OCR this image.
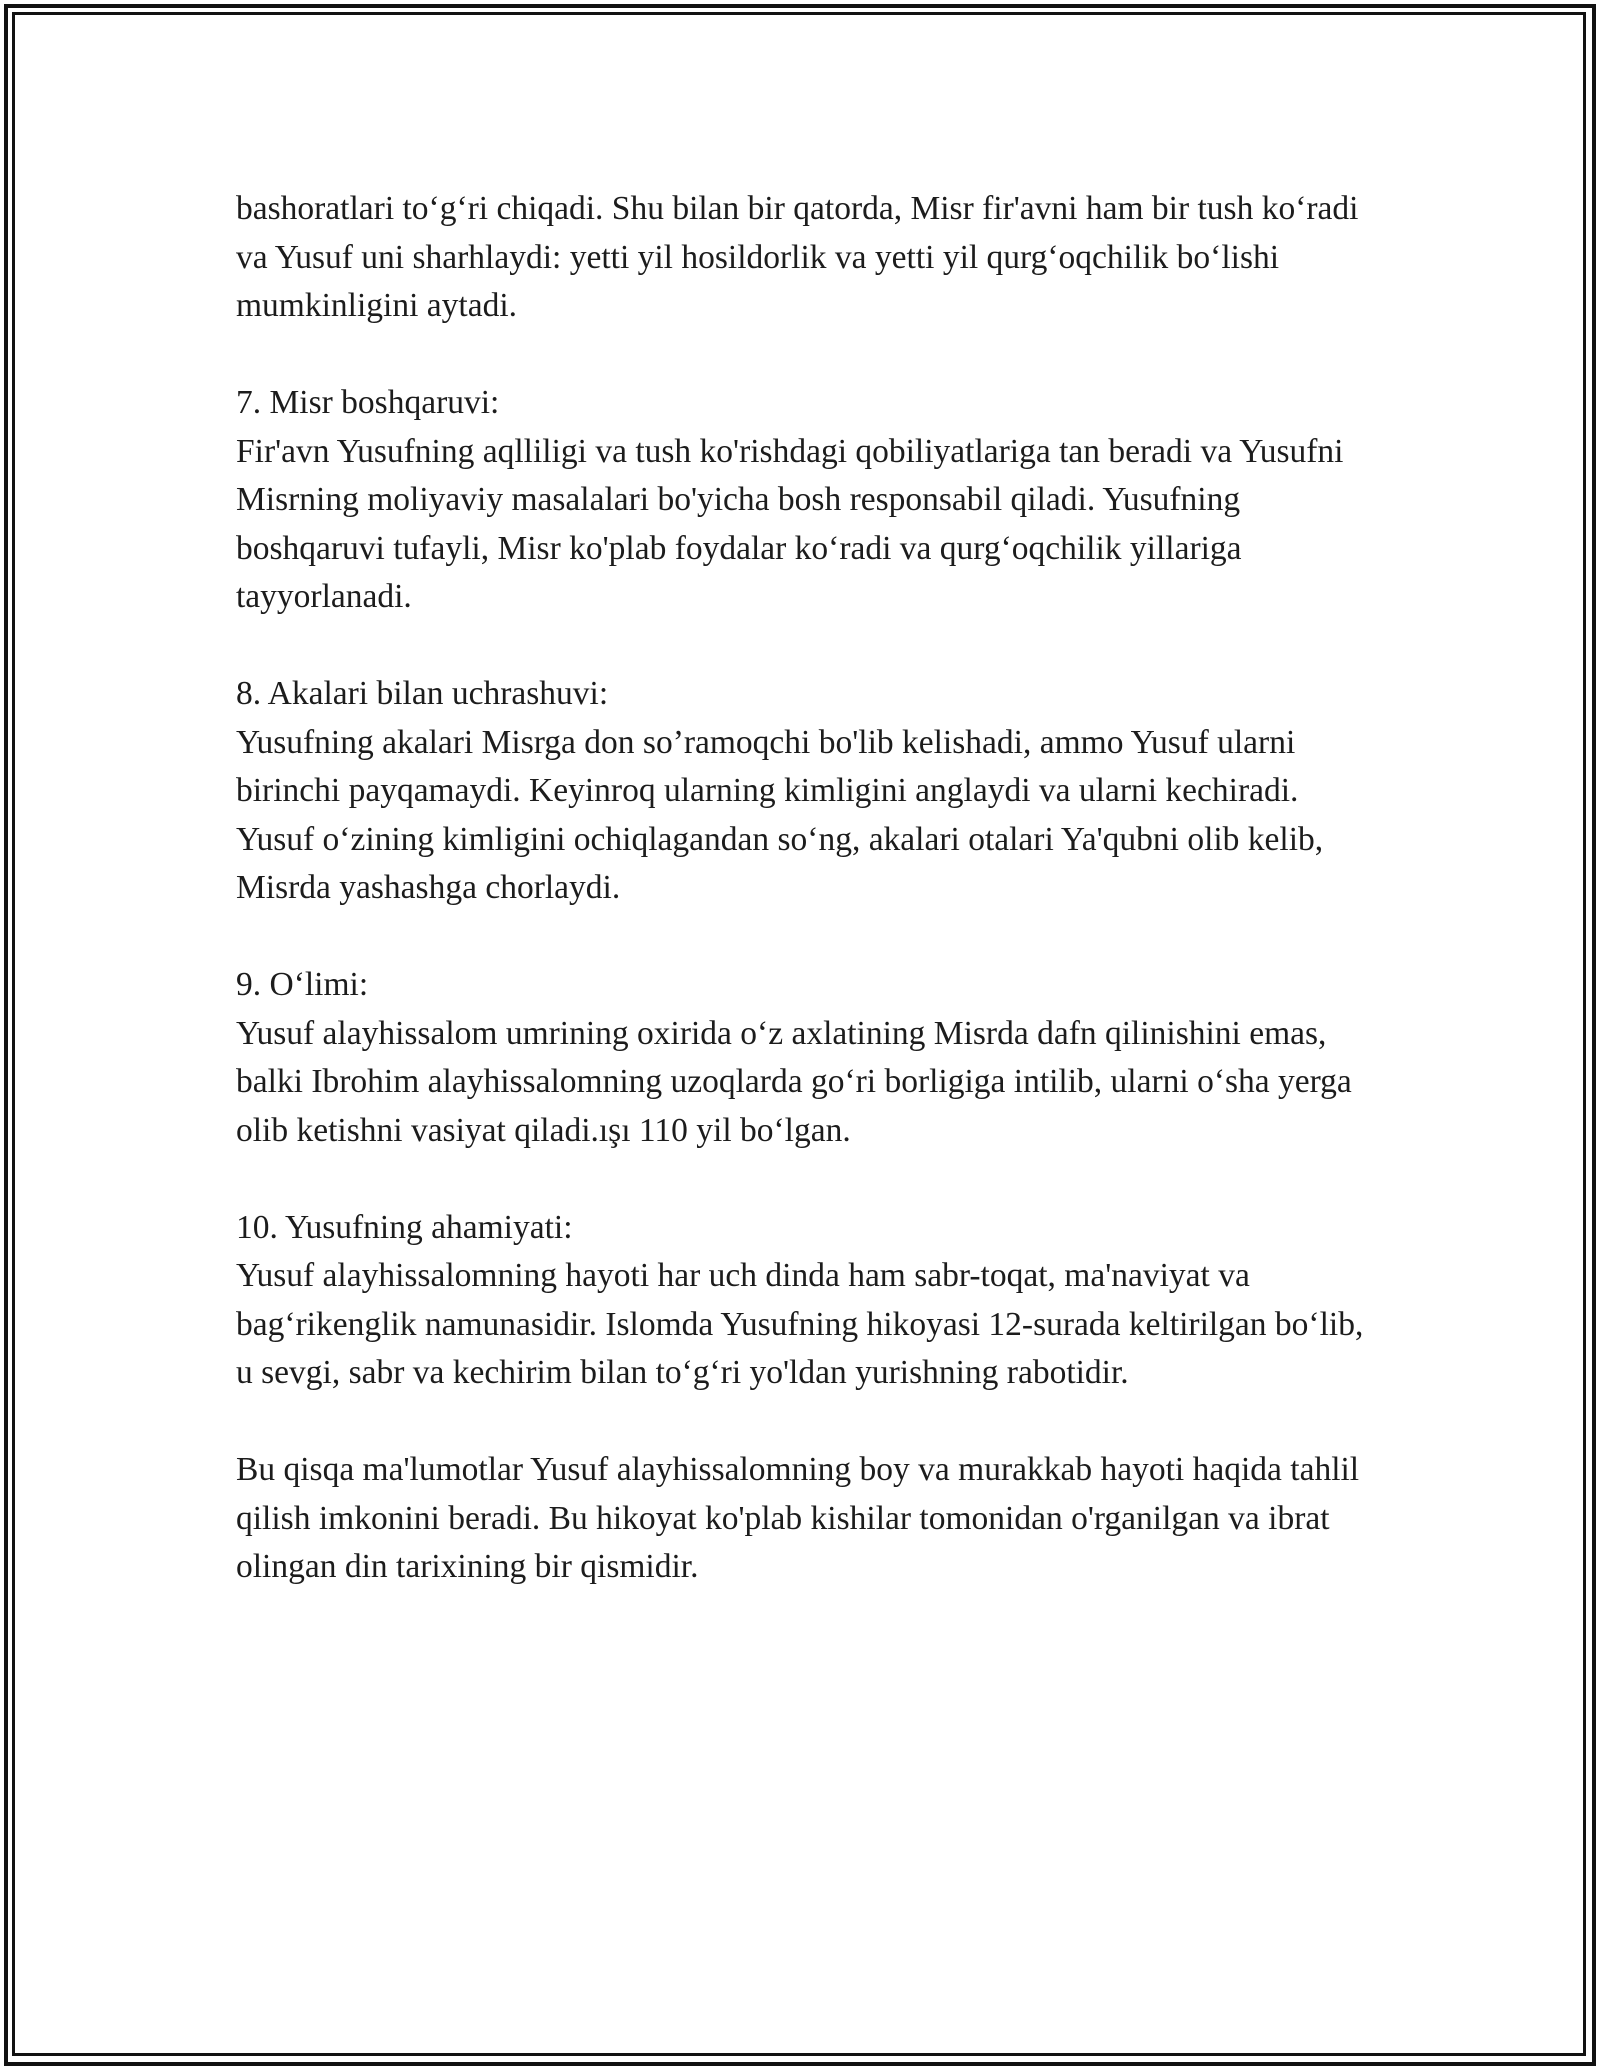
bashoratlari to‘g‘ri chiqadi. Shu bilan bir qatorda, Misr fir'avni ham bir tush ko‘radi va Yusuf uni sharhlaydi: yetti yil hosildorlik va yetti yil qurg‘oqchilik bo‘lishi mumkinligini aytadi.

7. Misr boshqaruvi:

Fir'avn Yusufning aqlliligi va tush ko'rishdagi qobiliyatlariga tan beradi va Yusufni Misrning moliyaviy masalalari bo'yicha bosh responsabil qiladi. Yusufning boshqaruvi tufayli, Misr ko'plab foydalar ko‘radi va qurg‘oqchilik yillariga tayyorlanadi.

8. Akalari bilan uchrashuvi:

Yusufning akalari Misrga don so’ramoqchi bo'lib kelishadi, ammo Yusuf ularni birinchi payqamaydi. Keyinroq ularning kimligini anglaydi va ularni kechiradi. Yusuf o‘zining kimligini ochiqlagandan so‘ng, akalari otalari Ya'qubni olib kelib, Misrda yashashga chorlaydi.

9. O‘limi:

Yusuf alayhissalom umrining oxirida o‘z axlatining Misrda dafn qilinishini emas, balki Ibrohim alayhissalomning uzoqlarda go‘ri borligiga intilib, ularni o‘sha yerga olib ketishni vasiyat qiladi.ışı 110 yil bo‘lgan.

10. Yusufning ahamiyati:

Yusuf alayhissalomning hayoti har uch dinda ham sabr-toqat, ma'naviyat va bag‘rikenglik namunasidir. Islomda Yusufning hikoyasi 12-surada keltirilgan bo‘lib, u sevgi, sabr va kechirim bilan to‘g‘ri yo'ldan yurishning rabotidir.

Bu qisqa ma'lumotlar Yusuf alayhissalomning boy va murakkab hayoti haqida tahlil qilish imkonini beradi. Bu hikoyat ko'plab kishilar tomonidan o'rganilgan va ibrat olingan din tarixining bir qismidir.
